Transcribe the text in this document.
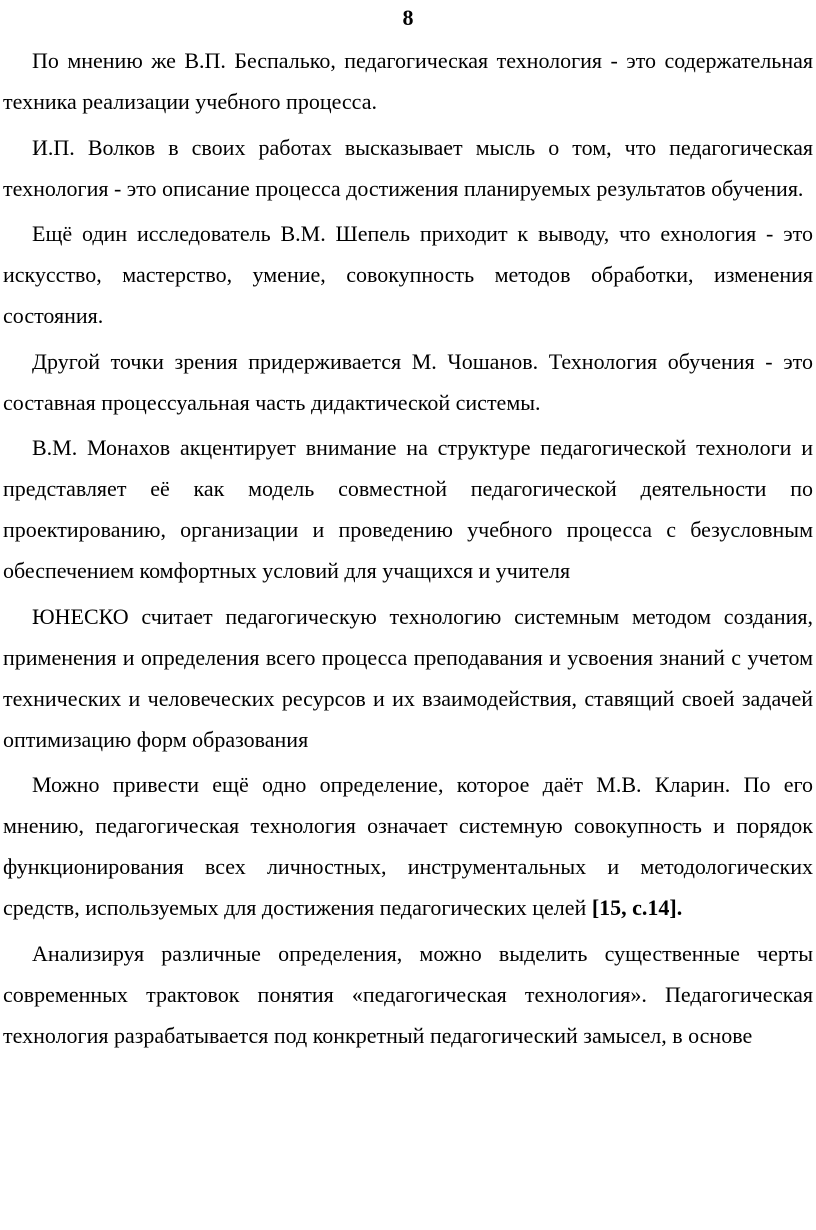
8

По мнению же В.П. Беспалько, педагогическая технология - это содержательная техника реализации учебного процесса.

И.П. Волков в своих работах высказывает мысль о том, что педагогическая технология - это описание процесса достижения планируемых результатов обучения.

Ещё один исследователь В.М. Шепель приходит к выводу, что ехнология - это искусство, мастерство, умение, совокупность методов обработки, изменения состояния.

Другой точки зрения придерживается М. Чошанов. Технология обучения - это составная процессуальная часть дидактической системы.

В.М. Монахов акцентирует внимание на структуре педагогической технологи и представляет её как модель совместной педагогической деятельности по проектированию, организации и проведению учебного процесса с безусловным обеспечением комфортных условий для учащихся и учителя

ЮНЕСКО считает педагогическую технологию системным методом создания, применения и определения всего процесса преподавания и усвоения знаний с учетом технических и человеческих ресурсов и их взаимодействия, ставящий своей задачей оптимизацию форм образования

Можно привести ещё одно определение, которое даёт М.В. Кларин. По его мнению, педагогическая технология означает системную совокупность и порядок функционирования всех личностных, инструментальных и методологических средств, используемых для достижения педагогических целей [15, с.14].

Анализируя различные определения, можно выделить существенные черты современных трактовок понятия «педагогическая технология». Педагогическая технология разрабатывается под конкретный педагогический замысел, в основе
